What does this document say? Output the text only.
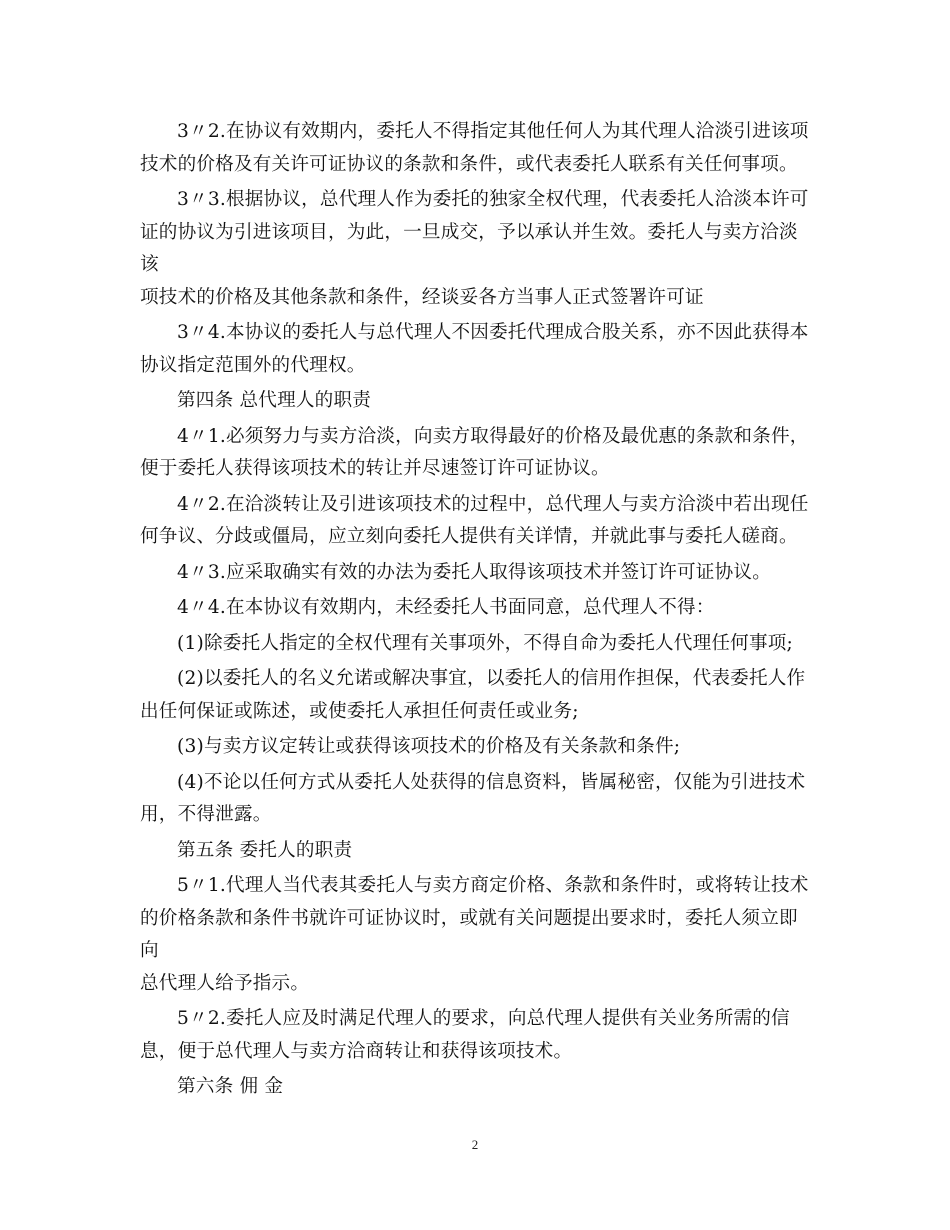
3〃2.在协议有效期内，委托人不得指定其他任何人为其代理人洽淡引进该项
技术的价格及有关许可证协议的条款和条件，或代表委托人联系有关任何事项。

3〃3.根据协议，总代理人作为委托的独家全权代理，代表委托人洽淡本许可
证的协议为引进该项目，为此，一旦成交，予以承认并生效。委托人与卖方洽淡该
项技术的价格及其他条款和条件，经谈妥各方当事人正式签署许可证

3〃4.本协议的委托人与总代理人不因委托代理成合股关系，亦不因此获得本
协议指定范围外的代理权。

第四条 总代理人的职责

4〃1.必须努力与卖方洽淡，向卖方取得最好的价格及最优惠的条款和条件，
便于委托人获得该项技术的转让并尽速签订许可证协议。

4〃2.在洽淡转让及引进该项技术的过程中，总代理人与卖方洽淡中若出现任
何争议、分歧或僵局，应立刻向委托人提供有关详情，并就此事与委托人磋商。

4〃3.应采取确实有效的办法为委托人取得该项技术并签订许可证协议。

4〃4.在本协议有效期内，未经委托人书面同意，总代理人不得：

(1)除委托人指定的全权代理有关事项外，不得自命为委托人代理任何事项;

(2)以委托人的名义允诺或解决事宜，以委托人的信用作担保，代表委托人作
出任何保证或陈述，或使委托人承担任何责任或业务;

(3)与卖方议定转让或获得该项技术的价格及有关条款和条件;

(4)不论以任何方式从委托人处获得的信息资料，皆属秘密，仅能为引进技术
用，不得泄露。

第五条 委托人的职责

5〃1.代理人当代表其委托人与卖方商定价格、条款和条件时，或将转让技术
的价格条款和条件书就许可证协议时，或就有关问题提出要求时，委托人须立即向
总代理人给予指示。

5〃2.委托人应及时满足代理人的要求，向总代理人提供有关业务所需的信
息，便于总代理人与卖方洽商转让和获得该项技术。

第六条 佣 金

2
